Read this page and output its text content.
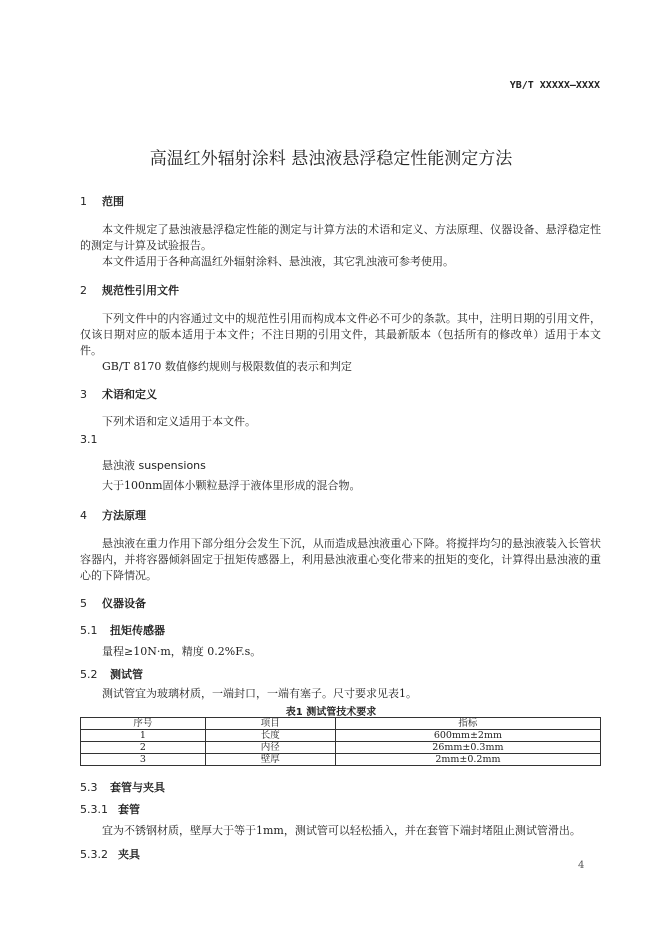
YB/T XXXXX—XXXX
高温红外辐射涂料 悬浊液悬浮稳定性能测定方法
1 范围
本文件规定了悬浊液悬浮稳定性能的测定与计算方法的术语和定义、方法原理、仪器设备、悬浮稳定性的测定与计算及试验报告。
本文件适用于各种高温红外辐射涂料、悬浊液，其它乳浊液可参考使用。
2 规范性引用文件
下列文件中的内容通过文中的规范性引用而构成本文件必不可少的条款。其中，注明日期的引用文件，仅该日期对应的版本适用于本文件；不注日期的引用文件，其最新版本（包括所有的修改单）适用于本文件。
GB/T 8170 数值修约规则与极限数值的表示和判定
3 术语和定义
下列术语和定义适用于本文件。
3.1
悬浊液 suspensions
大于100nm固体小颗粒悬浮于液体里形成的混合物。
4 方法原理
悬浊液在重力作用下部分组分会发生下沉，从而造成悬浊液重心下降。将搅拌均匀的悬浊液装入长管状容器内，并将容器倾斜固定于扭矩传感器上，利用悬浊液重心变化带来的扭矩的变化，计算得出悬浊液的重心的下降情况。
5 仪器设备
5.1 扭矩传感器
量程≥10N·m，精度 0.2%F.s。
5.2 测试管
测试管宜为玻璃材质，一端封口，一端有塞子。尺寸要求见表1。
表1 测试管技术要求
序号	项目	指标
1	长度	600mm±2mm
2	内径	26mm±0.3mm
3	壁厚	2mm±0.2mm
5.3 套管与夹具
5.3.1 套管
宜为不锈钢材质，壁厚大于等于1mm，测试管可以轻松插入，并在套管下端封堵阻止测试管滑出。
5.3.2 夹具
4
